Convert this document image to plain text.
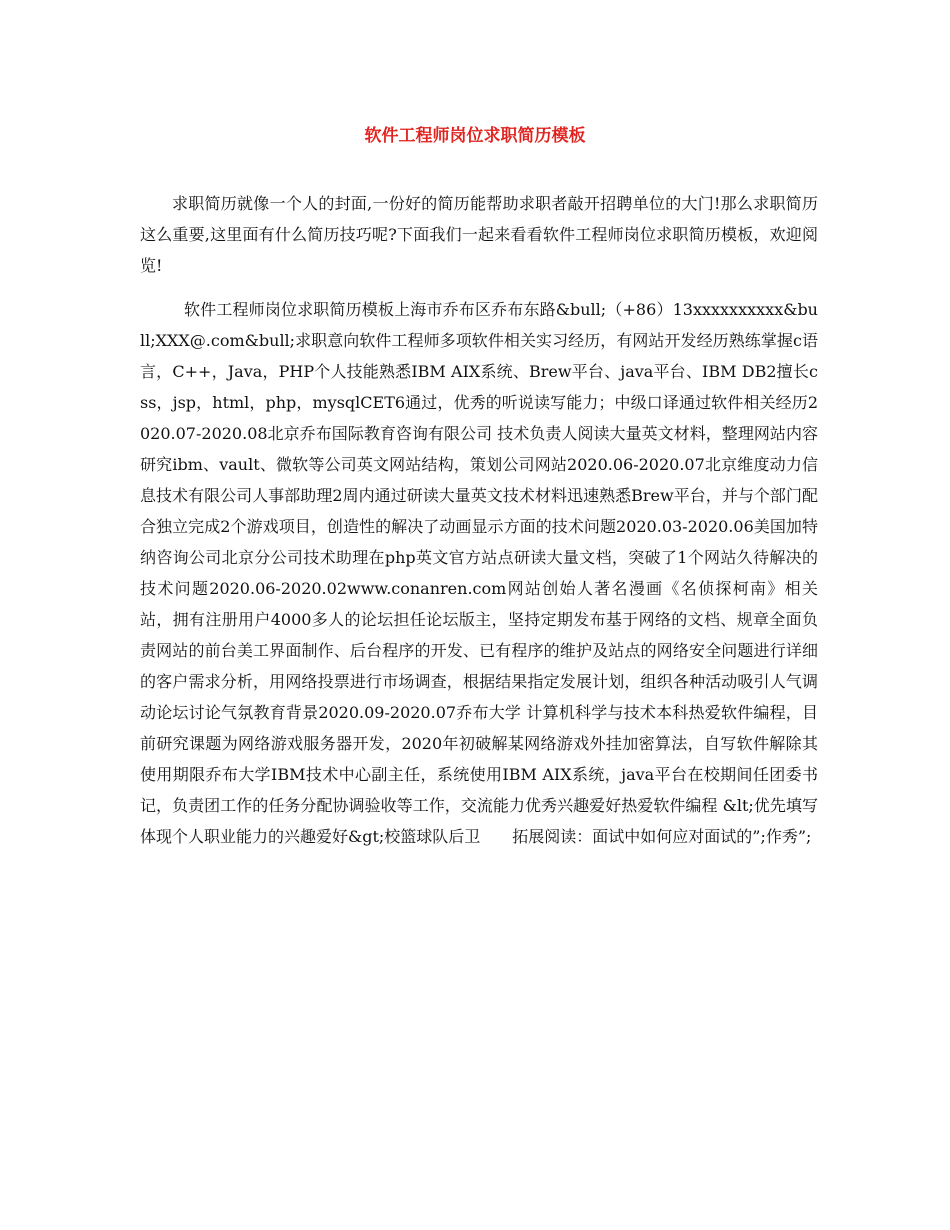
软件工程师岗位求职简历模板

求职简历就像一个人的封面,一份好的简历能帮助求职者敲开招聘单位的大门!那么求职简历这么重要,这里面有什么简历技巧呢?下面我们一起来看看软件工程师岗位求职简历模板，欢迎阅览!

软件工程师岗位求职简历模板上海市乔布区乔布东路&bull;（+86）13xxxxxxxxxx&bull;XXX@.com&bull;求职意向软件工程师多项软件相关实习经历，有网站开发经历熟练掌握c语言，C++，Java，PHP个人技能熟悉IBM AIX系统、Brew平台、java平台、IBM DB2擅长css，jsp，html，php，mysqlCET6通过，优秀的听说读写能力；中级口译通过软件相关经历2020.07-2020.08北京乔布国际教育咨询有限公司 技术负责人阅读大量英文材料，整理网站内容研究ibm、vault、微软等公司英文网站结构，策划公司网站2020.06-2020.07北京维度动力信息技术有限公司人事部助理2周内通过研读大量英文技术材料迅速熟悉Brew平台，并与个部门配合独立完成2个游戏项目，创造性的解决了动画显示方面的技术问题2020.03-2020.06美国加特纳咨询公司北京分公司技术助理在php英文官方站点研读大量文档，突破了1个网站久待解决的技术问题2020.06-2020.02www.conanren.com网站创始人著名漫画《名侦探柯南》相关站，拥有注册用户4000多人的论坛担任论坛版主，坚持定期发布基于网络的文档、规章全面负责网站的前台美工界面制作、后台程序的开发、已有程序的维护及站点的网络安全问题进行详细的客户需求分析，用网络投票进行市场调查，根据结果指定发展计划，组织各种活动吸引人气调动论坛讨论气氛教育背景2020.09-2020.07乔布大学 计算机科学与技术本科热爱软件编程，目前研究课题为网络游戏服务器开发，2020年初破解某网络游戏外挂加密算法，自写软件解除其使用期限乔布大学IBM技术中心副主任，系统使用IBM AIX系统，java平台在校期间任团委书记，负责团工作的任务分配协调验收等工作，交流能力优秀兴趣爱好热爱软件编程 &lt;优先填写体现个人职业能力的兴趣爱好&gt;校篮球队后卫　　拓展阅读：面试中如何应对面试的”;作秀”;
